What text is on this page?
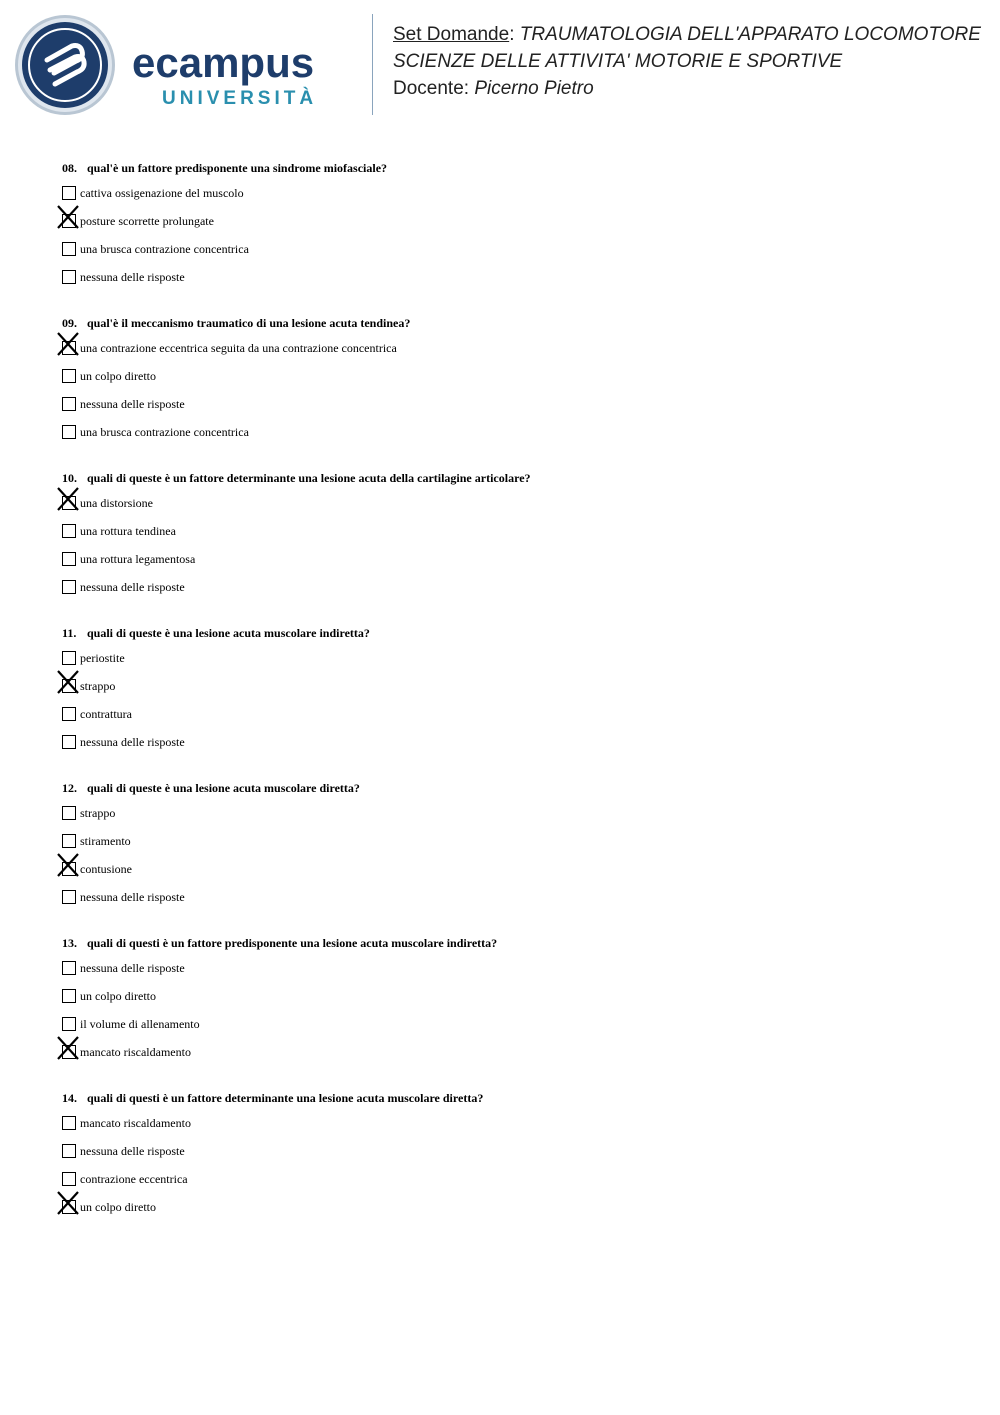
ecampus
UNIVERSITÀ
Set Domande: TRAUMATOLOGIA DELL'APPARATO LOCOMOTORE
SCIENZE DELLE ATTIVITA' MOTORIE E SPORTIVE
Docente: Picerno Pietro
08. qual'è un fattore predisponente una sindrome miofasciale?
cattiva ossigenazione del muscolo
posture scorrette prolungate
una brusca contrazione concentrica
nessuna delle risposte
09. qual'è il meccanismo traumatico di una lesione acuta tendinea?
una contrazione eccentrica seguita da una contrazione concentrica
un colpo diretto
nessuna delle risposte
una brusca contrazione concentrica
10. quali di queste è un fattore determinante una lesione acuta della cartilagine articolare?
una distorsione
una rottura tendinea
una rottura legamentosa
nessuna delle risposte
11. quali di queste è una lesione acuta muscolare indiretta?
periostite
strappo
contrattura
nessuna delle risposte
12. quali di queste è una lesione acuta muscolare diretta?
strappo
stiramento
contusione
nessuna delle risposte
13. quali di questi è un fattore predisponente una lesione acuta muscolare indiretta?
nessuna delle risposte
un colpo diretto
il volume di allenamento
mancato riscaldamento
14. quali di questi è un fattore determinante una lesione acuta muscolare diretta?
mancato riscaldamento
nessuna delle risposte
contrazione eccentrica
un colpo diretto
